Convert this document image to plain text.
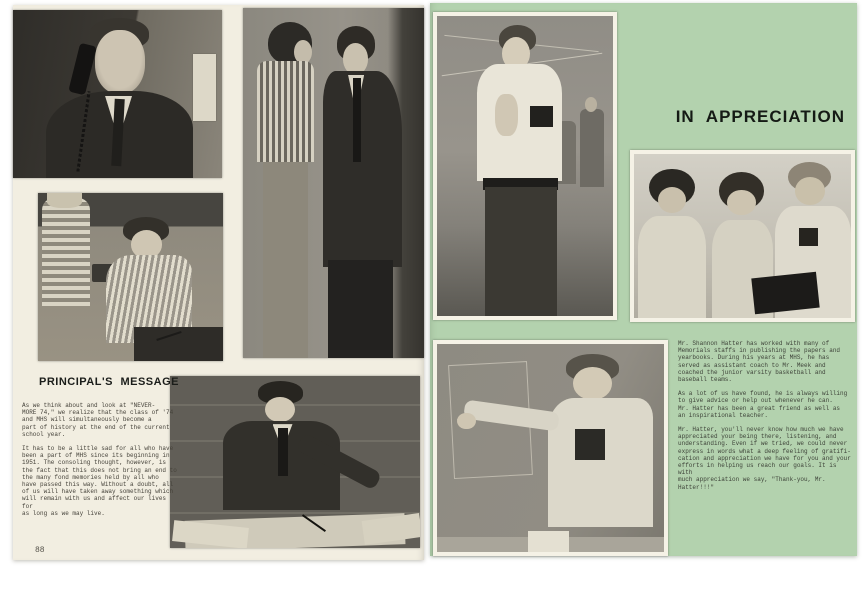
PRINCIPAL'S MESSAGE

As we think about and look at "NEVER-
MORE 74," we realize that the class of '74
and MHS will simultaneously become a
part of history at the end of the current
school year.

It has to be a little sad for all who have
been a part of MHS since its beginning in
1951. The consoling thought, however, is
the fact that this does not bring an end to
the many fond memories held by all who
have passed this way. Without a doubt, all
of us will have taken away something which
will remain with us and affect our lives for
as long as we may live.

88
IN APPRECIATION

Mr. Shannon Hatter has worked with many of
Memorials staffs in publishing the papers and
yearbooks. During his years at MHS, he has
served as assistant coach to Mr. Meek and
coached the junior varsity basketball and
baseball teams.

As a lot of us have found, he is always willing
to give advice or help out whenever he can.
Mr. Hatter has been a great friend as well as
an inspirational teacher.

Mr. Hatter, you'll never know how much we have
appreciated your being there, listening, and
understanding. Even if we tried, we could never
express in words what a deep feeling of gratifi-
cation and appreciation we have for you and your
efforts in helping us reach our goals. It is with
much appreciation we say, "Thank-you, Mr.
Hatter!!!"
